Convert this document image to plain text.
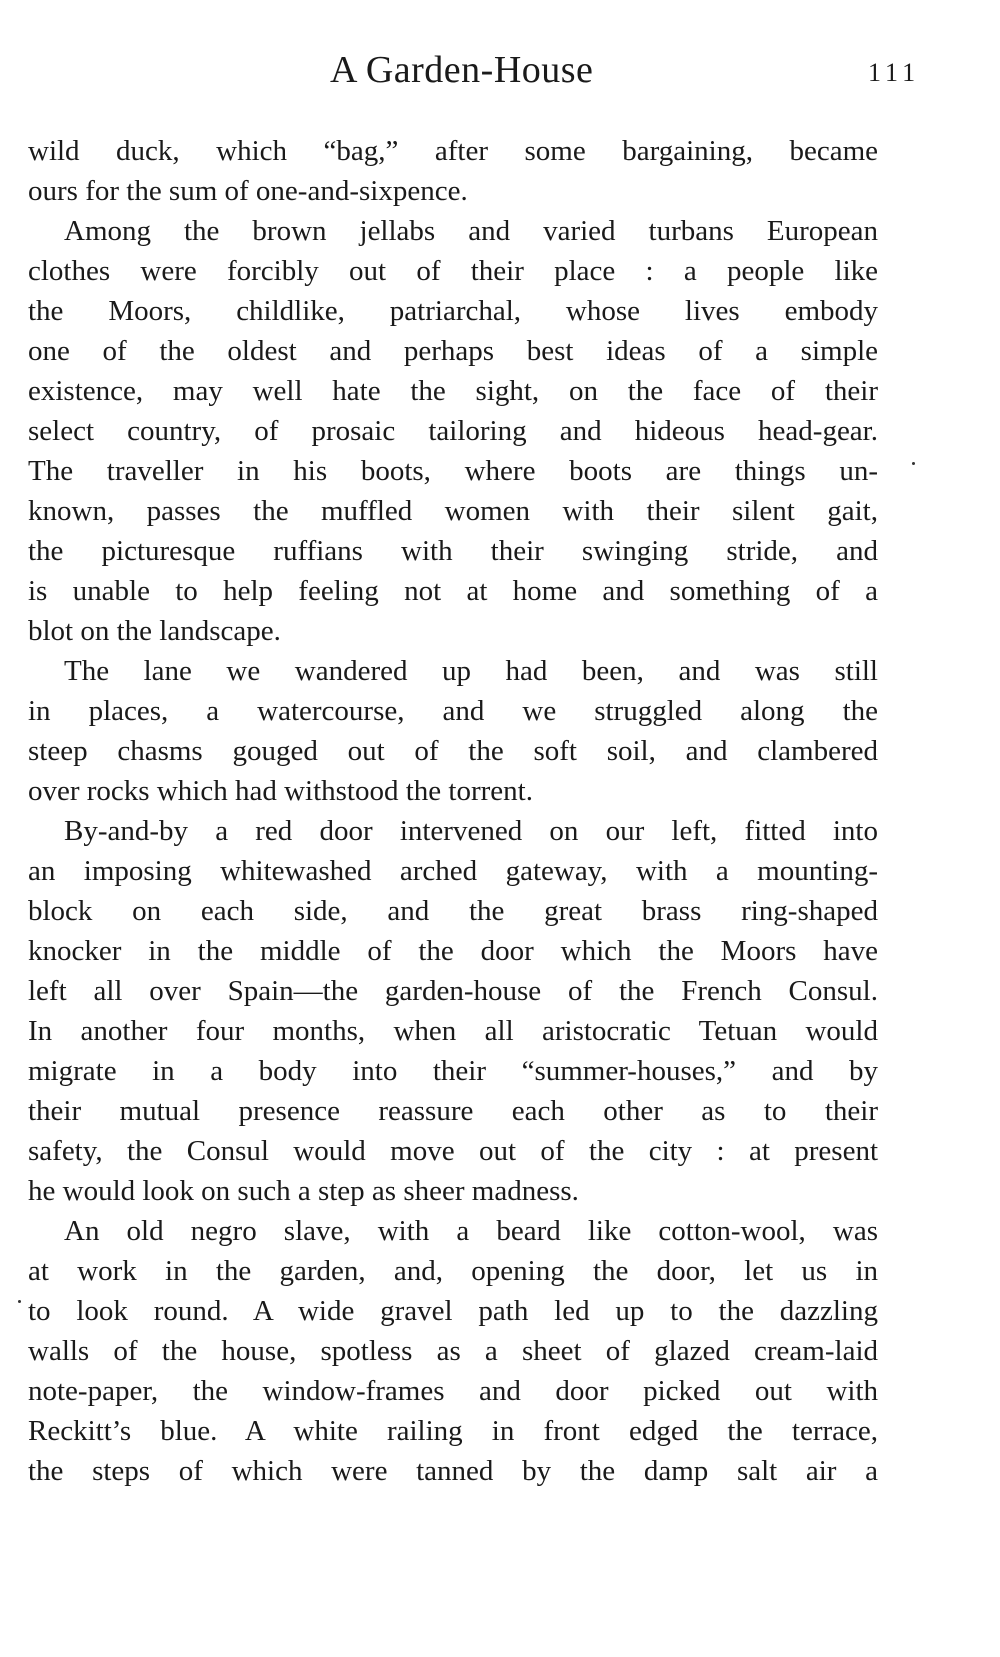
A Garden-House	111
wild duck, which “bag,” after some bargaining, became
ours for the sum of one-and-sixpence.
Among the brown jellabs and varied turbans European
clothes were forcibly out of their place : a people like
the Moors, childlike, patriarchal, whose lives embody
one of the oldest and perhaps best ideas of a simple
existence, may well hate the sight, on the face of their
select country, of prosaic tailoring and hideous head-gear.
The traveller in his boots, where boots are things un-
known, passes the muffled women with their silent gait,
the picturesque ruffians with their swinging stride, and
is unable to help feeling not at home and something of a
blot on the landscape.
The lane we wandered up had been, and was still
in places, a watercourse, and we struggled along the
steep chasms gouged out of the soft soil, and clambered
over rocks which had withstood the torrent.
By-and-by a red door intervened on our left, fitted into
an imposing whitewashed arched gateway, with a mounting-
block on each side, and the great brass ring-shaped
knocker in the middle of the door which the Moors have
left all over Spain—the garden-house of the French Consul.
In another four months, when all aristocratic Tetuan would
migrate in a body into their “summer-houses,” and by
their mutual presence reassure each other as to their
safety, the Consul would move out of the city : at present
he would look on such a step as sheer madness.
An old negro slave, with a beard like cotton-wool, was
at work in the garden, and, opening the door, let us in
to look round. A wide gravel path led up to the dazzling
walls of the house, spotless as a sheet of glazed cream-laid
note-paper, the window-frames and door picked out with
Reckitt’s blue. A white railing in front edged the terrace,
the steps of which were tanned by the damp salt air a
